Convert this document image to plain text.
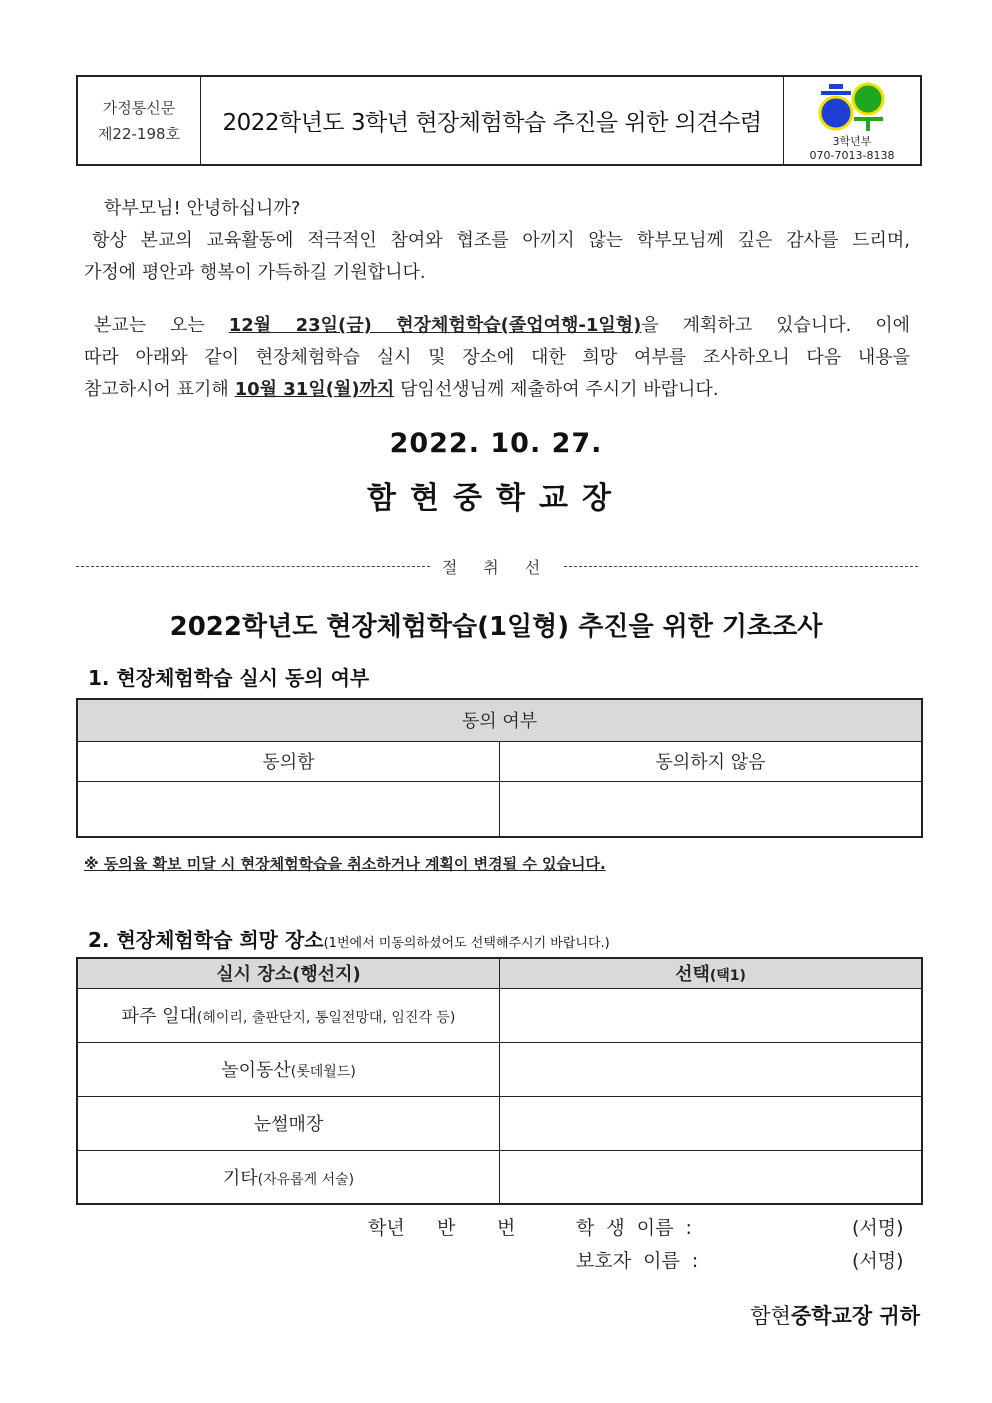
가정통신문
제22-198호	2022학년도 3학년 현장체험학습 추진을 위한 의견수렴
3학년부
070-7013-8138
학부모님! 안녕하십니까?
항상 본교의 교육활동에 적극적인 참여와 협조를 아끼지 않는 학부모님께 깊은 감사를 드리며,
가정에 평안과 행복이 가득하길 기원합니다.
본교는 오는 12월 23일(금) 현장체험학습(졸업여행-1일형)을 계획하고 있습니다. 이에
따라 아래와 같이 현장체험학습 실시 및 장소에 대한 희망 여부를 조사하오니 다음 내용을
참고하시어 표기해 10월 31일(월)까지 담임선생님께 제출하여 주시기 바랍니다.
2022. 10. 27.
함현중학교장
절취선
2022학년도 현장체험학습(1일형) 추진을 위한 기초조사
1. 현장체험학습 실시 동의 여부
동의 여부	
동의함	동의하지 않음

※ 동의율 확보 미달 시 현장체험학습을 취소하거나 계획이 변경될 수 있습니다.
2. 현장체험학습 희망 장소(1번에서 미동의하셨어도 선택해주시기 바랍니다.)
실시 장소(행선지)	선택(택1)
파주 일대(헤이리, 출판단지, 통일전망대, 임진각 등)	
놀이동산(롯데월드)	
눈썰매장	
기타(자유롭게 서술)	
학년 반 번	학 생 이름 :	(서명)
보호자 이름 :	(서명)
함현중학교장 귀하
